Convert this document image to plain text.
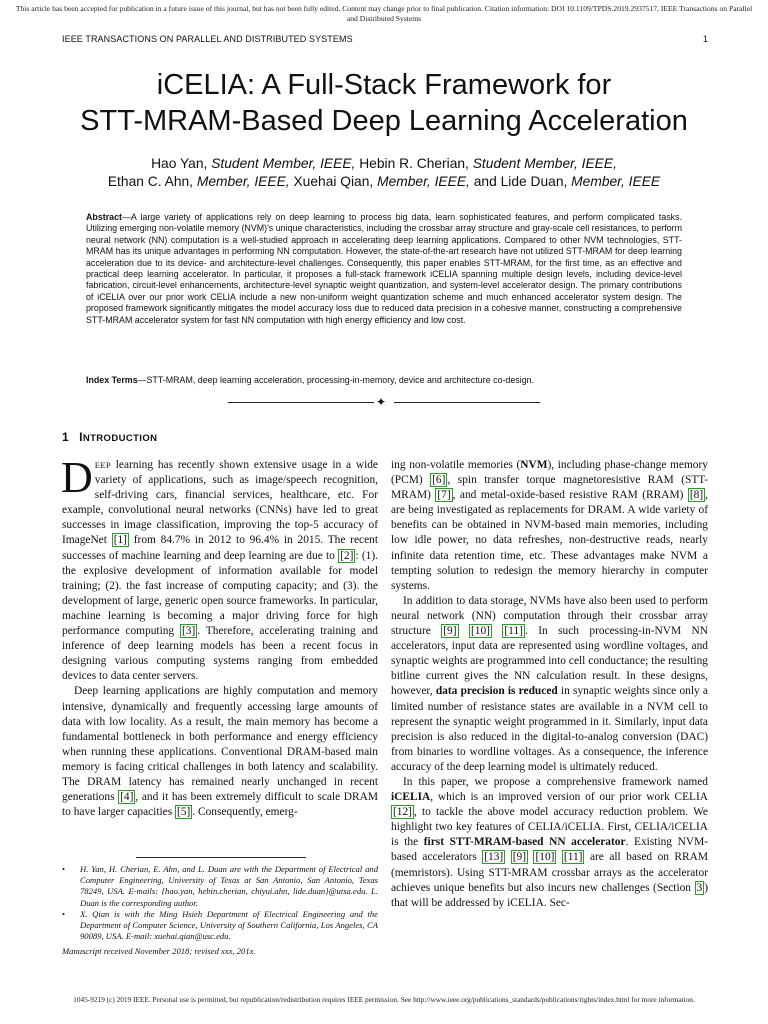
This article has been accepted for publication in a future issue of this journal, but has not been fully edited. Content may change prior to final publication. Citation information: DOI 10.1109/TPDS.2019.2937517, IEEE Transactions on Parallel and Distributed Systems
IEEE TRANSACTIONS ON PARALLEL AND DISTRIBUTED SYSTEMS	1
iCELIA: A Full-Stack Framework for
STT-MRAM-Based Deep Learning Acceleration
Hao Yan, Student Member, IEEE, Hebin R. Cherian, Student Member, IEEE,
Ethan C. Ahn, Member, IEEE, Xuehai Qian, Member, IEEE, and Lide Duan, Member, IEEE
Abstract—A large variety of applications rely on deep learning to process big data, learn sophisticated features, and perform complicated tasks. Utilizing emerging non-volatile memory (NVM)'s unique characteristics, including the crossbar array structure and gray-scale cell resistances, to perform neural network (NN) computation is a well-studied approach in accelerating deep learning applications. Compared to other NVM technologies, STT-MRAM has its unique advantages in performing NN computation. However, the state-of-the-art research have not utilized STT-MRAM for deep learning acceleration due to its device- and architecture-level challenges. Consequently, this paper enables STT-MRAM, for the first time, as an effective and practical deep learning accelerator. In particular, it proposes a full-stack framework iCELIA spanning multiple design levels, including device-level fabrication, circuit-level enhancements, architecture-level synaptic weight quantization, and system-level accelerator design. The primary contributions of iCELIA over our prior work CELIA include a new non-uniform weight quantization scheme and much enhanced accelerator system design. The proposed framework significantly mitigates the model accuracy loss due to reduced data precision in a cohesive manner, constructing a comprehensive STT-MRAM accelerator system for fast NN computation with high energy efficiency and low cost.
Index Terms—STT-MRAM, deep learning acceleration, processing-in-memory, device and architecture co-design.
✦
1 INTRODUCTION

DEEP learning has recently shown extensive usage in a wide variety of applications, such as image/speech recognition, self-driving cars, financial services, healthcare, etc. For example, convolutional neural networks (CNNs) have led to great successes in image classification, improving the top-5 accuracy of ImageNet [1] from 84.7% in 2012 to 96.4% in 2015. The recent successes of machine learning and deep learning are due to [2] : (1). the explosive development of information available for model training; (2). the fast increase of computing capacity; and (3). the development of large, generic open source frameworks. In particular, machine learning is becoming a major driving force for high performance computing [3] . Therefore, accelerating training and inference of deep learning models has been a recent focus in designing various computing systems ranging from embedded devices to data center servers.

Deep learning applications are highly computation and memory intensive, dynamically and frequently accessing large amounts of data with low locality. As a result, the main memory has become a fundamental bottleneck in both performance and energy efficiency when running these applications. Conventional DRAM-based main memory is facing critical challenges in both latency and scalability. The DRAM latency has remained nearly unchanged in recent generations [4] , and it has been extremely difficult to scale DRAM to have larger capacities [5] . Consequently, emerg-

• H. Yan, H. Cherian, E. Ahn, and L. Duan are with the Department of Electrical and Computer Engineering, University of Texas at San Antonio, San Antonio, Texas 78249, USA. E-mails: {hao.yan, hebin.cherian, chiyui.ahn, lide.duan}@utsa.edu. L. Duan is the corresponding author.
• X. Qian is with the Ming Hsieh Department of Electrical Engineering and the Department of Computer Science, University of Southern California, Los Angeles, CA 90089, USA. E-mail: xuehai.qian@usc.edu.
Manuscript received November 2018; revised xxx, 201x.

ing non-volatile memories (NVM), including phase-change memory (PCM) [6] , spin transfer torque magnetoresistive RAM (STT-MRAM) [7] , and metal-oxide-based resistive RAM (RRAM) [8] , are being investigated as replacements for DRAM. A wide variety of benefits can be obtained in NVM-based main memories, including low idle power, no data refreshes, non-destructive reads, nearly infinite data retention time, etc. These advantages make NVM a tempting solution to redesign the memory hierarchy in computer systems.

In addition to data storage, NVMs have also been used to perform neural network (NN) computation through their crossbar array structure [9] [10] [11] . In such processing-in-NVM NN accelerators, input data are represented using wordline voltages, and synaptic weights are programmed into cell conductance; the resulting bitline current gives the NN calculation result. In these designs, however, data precision is reduced in synaptic weights since only a limited number of resistance states are available in a NVM cell to represent the synaptic weight programmed in it. Similarly, input data precision is also reduced in the digital-to-analog conversion (DAC) from binaries to wordline voltages. As a consequence, the inference accuracy of the deep learning model is ultimately reduced.

In this paper, we propose a comprehensive framework named iCELIA, which is an improved version of our prior work CELIA [12] , to tackle the above model accuracy reduction problem. We highlight two key features of CELIA/iCELIA. First, CELIA/iCELIA is the first STT-MRAM-based NN accelerator. Existing NVM-based accelerators [13] [9] [10] [11] are all based on RRAM (memristors). Using STT-MRAM crossbar arrays as the accelerator achieves unique benefits but also incurs new challenges (Section 3 ) that will be addressed by iCELIA. Sec-

1045-9219 (c) 2019 IEEE. Personal use is permitted, but republication/redistribution requires IEEE permission. See http://www.ieee.org/publications_standards/publications/rights/index.html for more information.
